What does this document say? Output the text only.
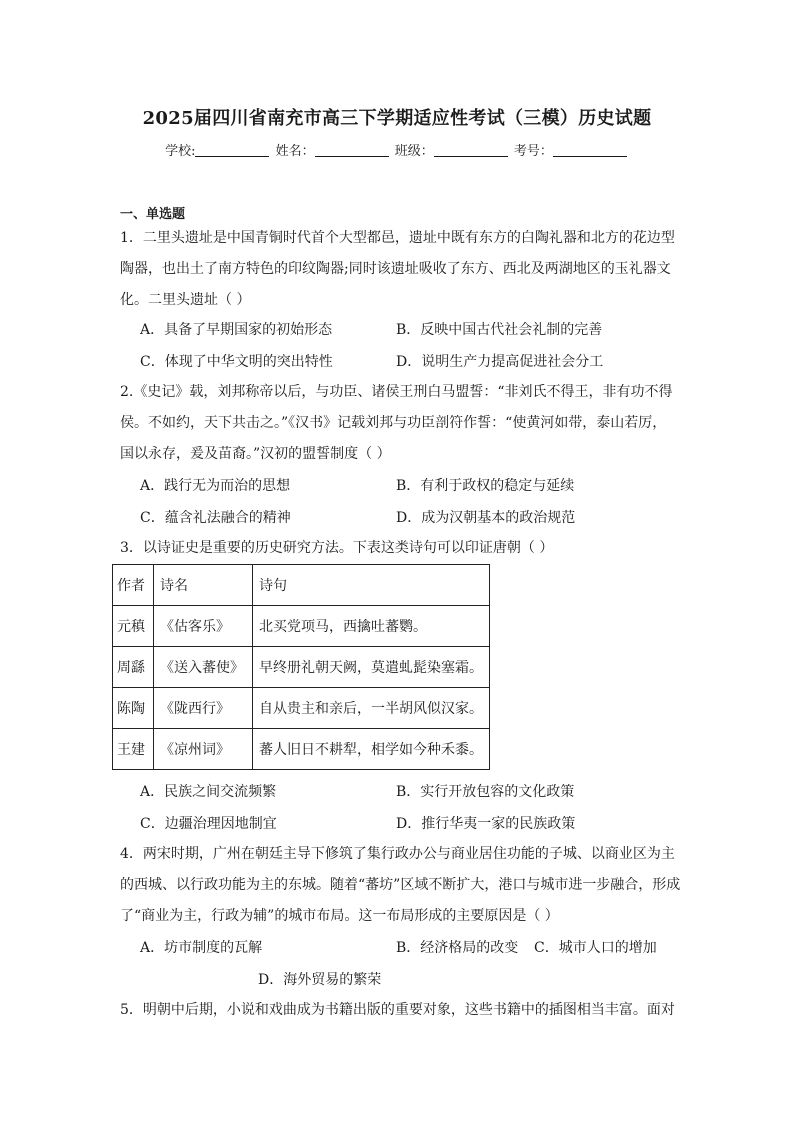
2025届四川省南充市高三下学期适应性考试（三模）历史试题
学校:	姓名：	班级：	考号：
一、单选题
1．二里头遗址是中国青铜时代首个大型都邑，遗址中既有东方的白陶礼器和北方的花边型
陶器，也出土了南方特色的印纹陶器;同时该遗址吸收了东方、西北及两湖地区的玉礼器文
化。二里头遗址（ ）
A．具备了早期国家的初始形态	B．反映中国古代社会礼制的完善
C．体现了中华文明的突出特性	D．说明生产力提高促进社会分工
2.《史记》载，刘邦称帝以后，与功臣、诸侯王刑白马盟誓：“非刘氏不得王，非有功不得
侯。不如约，天下共击之。”《汉书》记载刘邦与功臣剖符作誓：“使黄河如带，泰山若厉，
国以永存，爰及苗裔。”汉初的盟誓制度（ ）
A．践行无为而治的思想	B．有利于政权的稳定与延续
C．蕴含礼法融合的精神	D．成为汉朝基本的政治规范
3．以诗证史是重要的历史研究方法。下表这类诗句可以印证唐朝（ ）
作者	诗名	诗句
元稹	《估客乐》	北买党项马，西擒吐蕃鹦。
周繇	《送入蕃使》	早终册礼朝天阙，莫遣虬髭染塞霜。
陈陶	《陇西行》	自从贵主和亲后，一半胡风似汉家。
王建	《凉州词》	蕃人旧日不耕犁，相学如今种禾黍。
A．民族之间交流频繁	B．实行开放包容的文化政策
C．边疆治理因地制宜	D．推行华夷一家的民族政策
4．两宋时期，广州在朝廷主导下修筑了集行政办公与商业居住功能的子城、以商业区为主
的西城、以行政功能为主的东城。随着“蕃坊”区域不断扩大，港口与城市进一步融合，形成
了“商业为主，行政为辅”的城市布局。这一布局形成的主要原因是（ ）
A．坊市制度的瓦解	B．经济格局的改变 C．城市人口的增加
D．海外贸易的繁荣
5．明朝中后期，小说和戏曲成为书籍出版的重要对象，这些书籍中的插图相当丰富。面对
